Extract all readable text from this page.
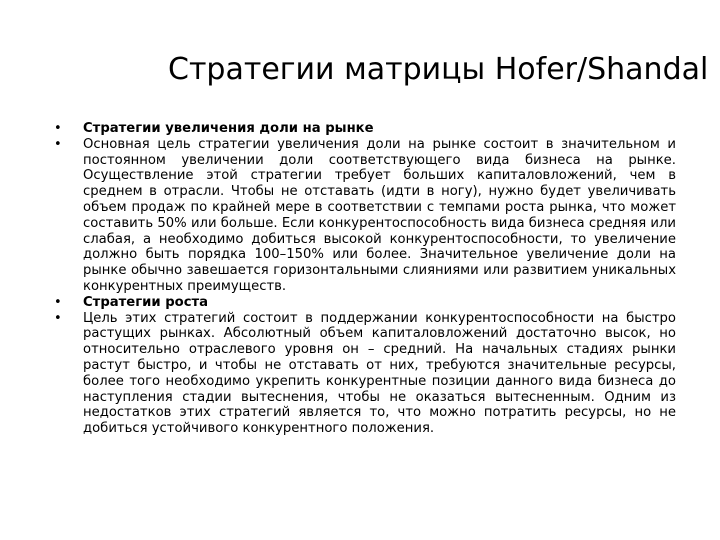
Стратегии матрицы Hofer/Shandal
• Стратегии увеличения доли на рынке
• Основная цель стратегии увеличения доли на рынке состоит в значительном и постоянном увеличении доли соответствующего вида бизнеса на рынке. Осуществление этой стратегии требует больших капиталовложений, чем в среднем в отрасли. Чтобы не отставать (идти в ногу), нужно будет увеличивать объем продаж по крайней мере в соответствии с темпами роста рынка, что может составить 50% или больше. Если конкурентоспособность вида бизнеса средняя или слабая, а необходимо добиться высокой конкурентоспособности, то увеличение должно быть порядка 100–150% или более. Значительное увеличение доли на рынке обычно завешается горизонтальными слияниями или развитием уникальных конкурентных преимуществ.
• Стратегии роста
• Цель этих стратегий состоит в поддержании конкурентоспособности на быстро растущих рынках. Абсолютный объем капиталовложений достаточно высок, но относительно отраслевого уровня он – средний. На начальных стадиях рынки растут быстро, и чтобы не отставать от них, требуются значительные ресурсы, более того необходимо укрепить конкурентные позиции данного вида бизнеса до наступления стадии вытеснения, чтобы не оказаться вытесненным. Одним из недостатков этих стратегий является то, что можно потратить ресурсы, но не добиться устойчивого конкурентного положения.
